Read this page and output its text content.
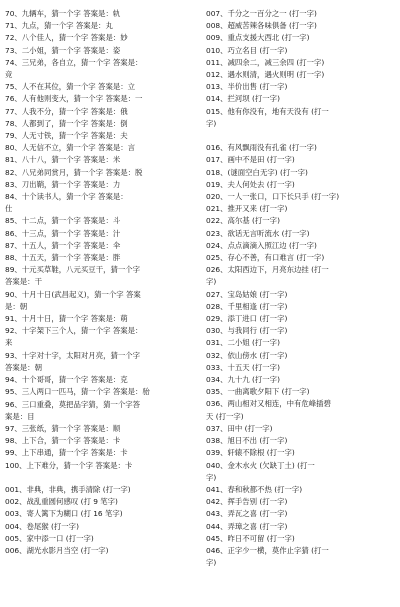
70、九辆车，猜一个字 答案是：轨
71、九点，猜一个字 答案是：丸
72、八个佳人，猜一个字 答案是：妙
73、二小姐，猜一个字 答案是：姿
74、三兄弟，各自立，猜一个字 答案是：
竞
75、人不在其位，猜一个字 答案是：立
76、人有他则变大，猜一个字 答案是：一
77、人我不分，猜一个字 答案是：俄
78、人都到了，猜一个字 答案是：倒
79、人无寸铁，猜一个字 答案是：夫
80、人无信不立，猜一个字 答案是：言
81、八十八，猜一个字 答案是：米
82、八兄弟同赏月，猜一个字 答案是：脱
83、刀出鞘，猜一个字 答案是：力
84、十个读书人，猜一个字 答案是：
仕
85、十二点，猜一个字 答案是：斗
86、十三点，猜一个字 答案是：汁
87、十五人，猜一个字 答案是：伞
88、十五天，猜一个字 答案是：胖
89、十元买草鞋，八元买豆干，猜一个字
答案是：干
90、十月十日(武昌起义)，猜一个字 答案
是：朝
91、十月十日，猜一个字 答案是：萌
92、十字架下三个人，猜一个字 答案是：
来
93、十字对十字，太阳对月亮，猜一个字
答案是：朝
94、十个哥哥，猜一个字 答案是：克
95、三人两口一匹马，猜一个字 答案是：骀
96、三口重叠，莫把品字猜，猜一个字答
案是：目
97、三张纸，猜一个字 答案是：顺
98、上下合，猜一个字 答案是：卡
99、上下串通，猜一个字 答案是：卡
100、上下难分，猜一个字 答案是：卡
001、非典，非典，携手清除 (打一字)
002、战乱重圆何感叹 (打 9 笔字)
003、寄人篱下为糊口 (打 16 笔字)
004、卷尾猴 (打一字)
005、家中添一口 (打一字)
006、湖光水影月当空 (打一字)
007、千分之一百分之一 (打一字)
008、超威苦辣各味俱备 (打一字)
009、重点支援大西北 (打一字)
010、巧立名目 (打一字)
011、减四余二，减三余四 (打一字)
012、遇水则清，遇火则明 (打一字)
013、半价出售 (打一字)
014、拦河坝 (打一字)
015、他有你没有，地有天没有 (打一
字)
016、有风飘雨没有孔雀 (打一字)
017、画中不是田 (打一字)
018、(谜面空白无字) (打一字)
019、夫人何处去 (打一字)
020、一人一张口，口下长只手 (打一字)
021、推开又来 (打一字)
022、高尔基 (打一字)
023、欲话无言听流水 (打一字)
024、点点滴滴入照江边 (打一字)
025、存心不善，有口难言 (打一字)
026、太阳西边下，月亮东边挂 (打一
字)
027、宝岛姑娘 (打一字)
028、千里相逢 (打一字)
029、添丁进口 (打一字)
030、与我同行 (打一字)
031、二小姐 (打一字)
032、依山傍水 (打一字)
033、十五天 (打一字)
034、九十九 (打一字)
035、一曲离歌夕阳下 (打一字)
036、两山相对又相连，中有危峰插碧
天 (打一字)
037、田中 (打一字)
038、旭日不出 (打一字)
039、轩辕不除根 (打一字)
040、金木水火 (欠缺丁土) (打一
字)
041、春和秋都不热 (打一字)
042、挥手告别 (打一字)
043、弄瓦之喜 (打一字)
044、弄璋之喜 (打一字)
045、昨日不可留 (打一字)
046、正字少一横，莫作止字猜 (打一
字)
